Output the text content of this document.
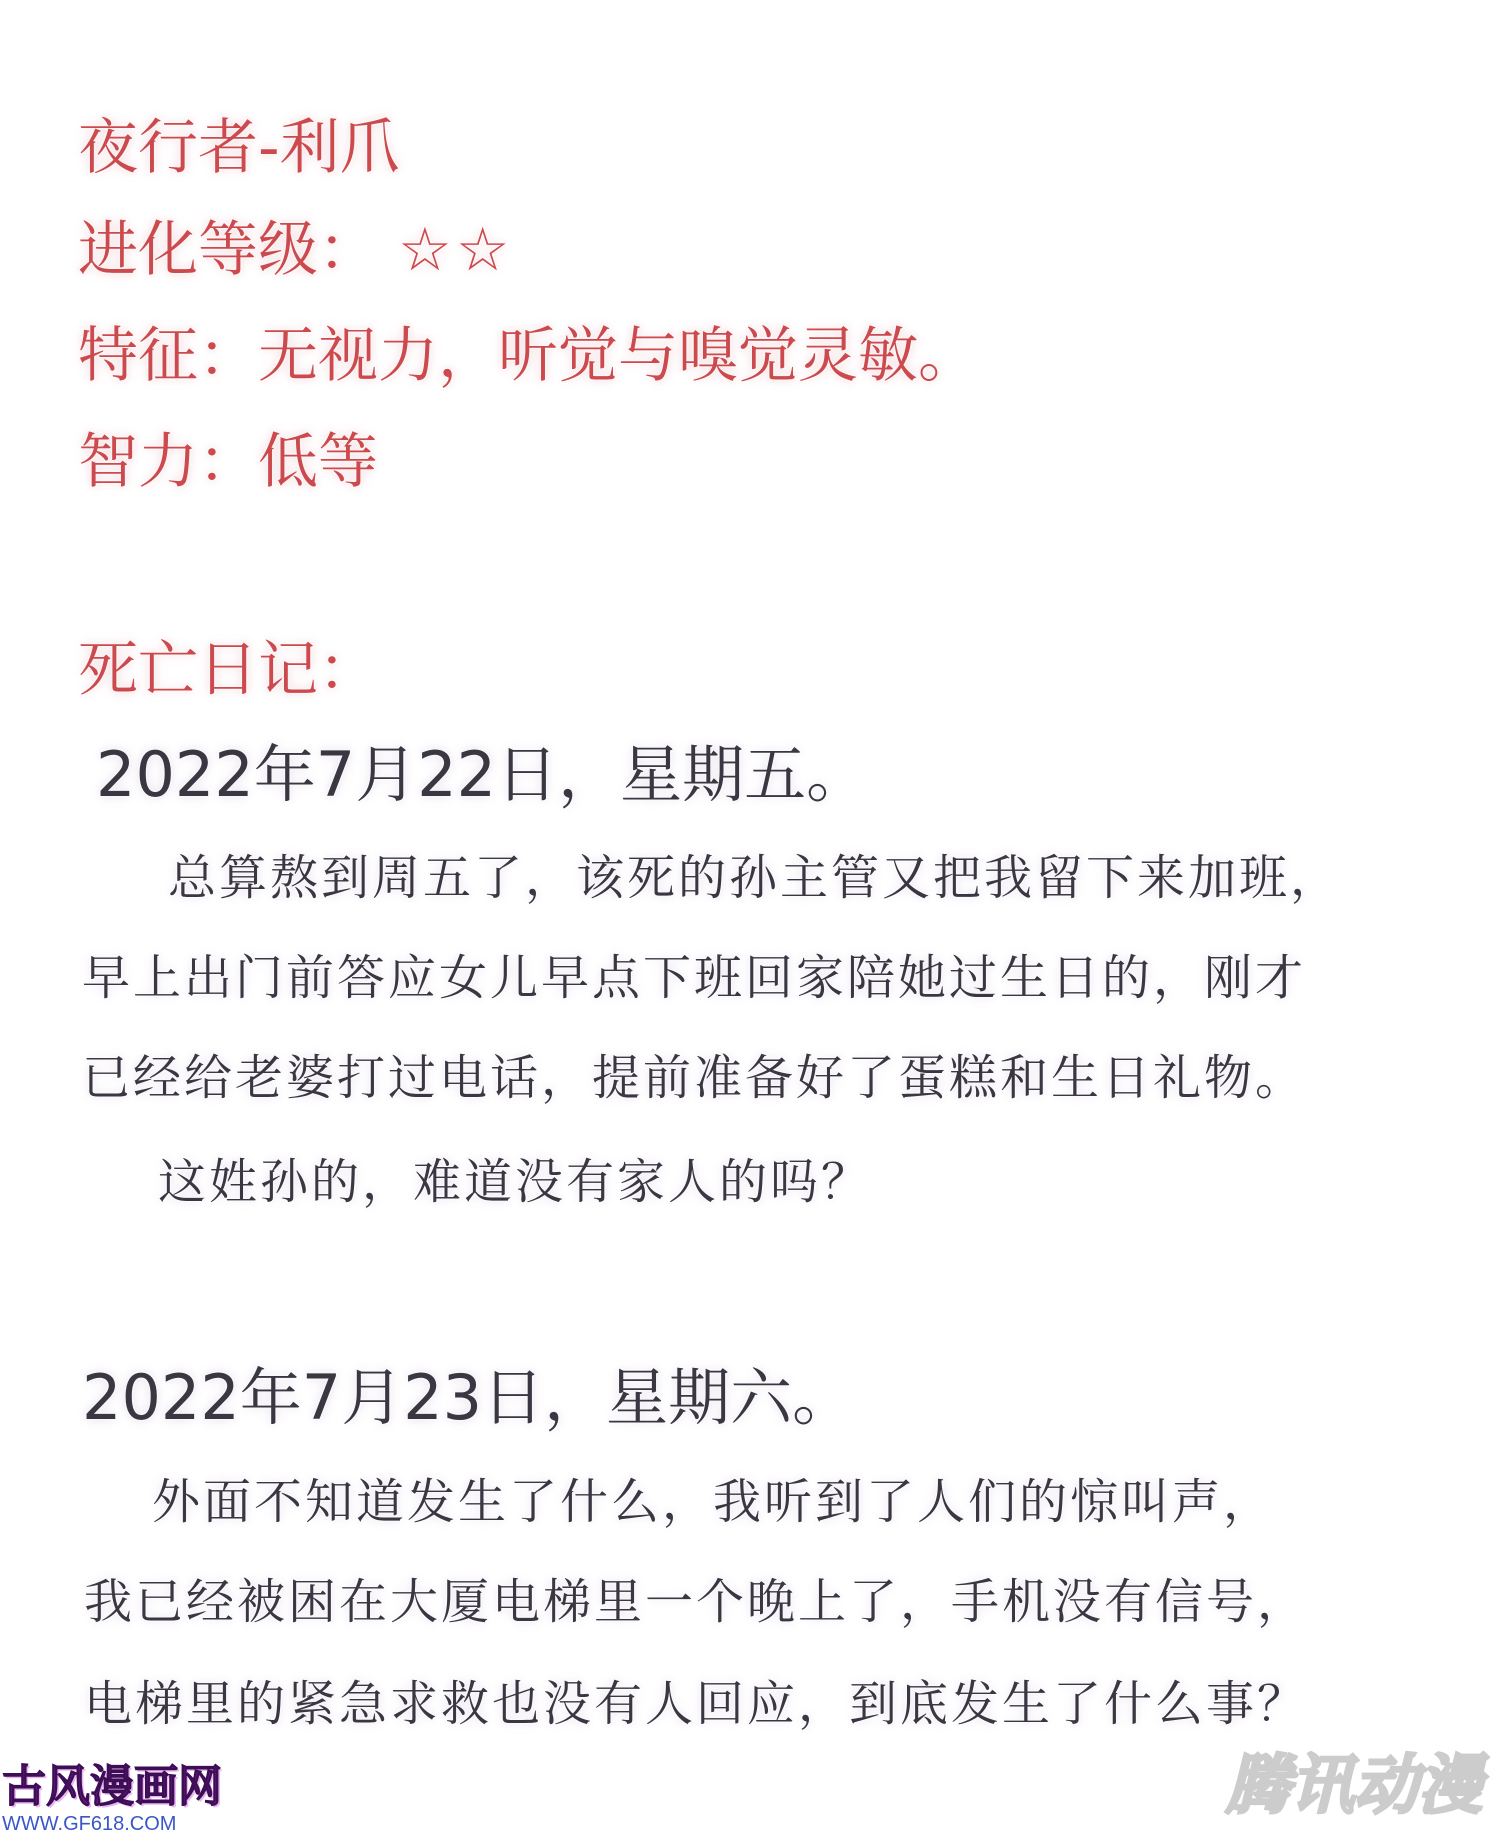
夜行者-利爪
进化等级： ☆☆
特征：无视力，听觉与嗅觉灵敏。
智力：低等
死亡日记：
2022年7月22日，星期五。
总算熬到周五了，该死的孙主管又把我留下来加班，
早上出门前答应女儿早点下班回家陪她过生日的，刚才
已经给老婆打过电话，提前准备好了蛋糕和生日礼物。
这姓孙的，难道没有家人的吗？
2022年7月23日，星期六。
外面不知道发生了什么，我听到了人们的惊叫声，
我已经被困在大厦电梯里一个晚上了，手机没有信号，
电梯里的紧急求救也没有人回应，到底发生了什么事？
古风漫画网
WWW.GF618.COM
腾讯动漫
